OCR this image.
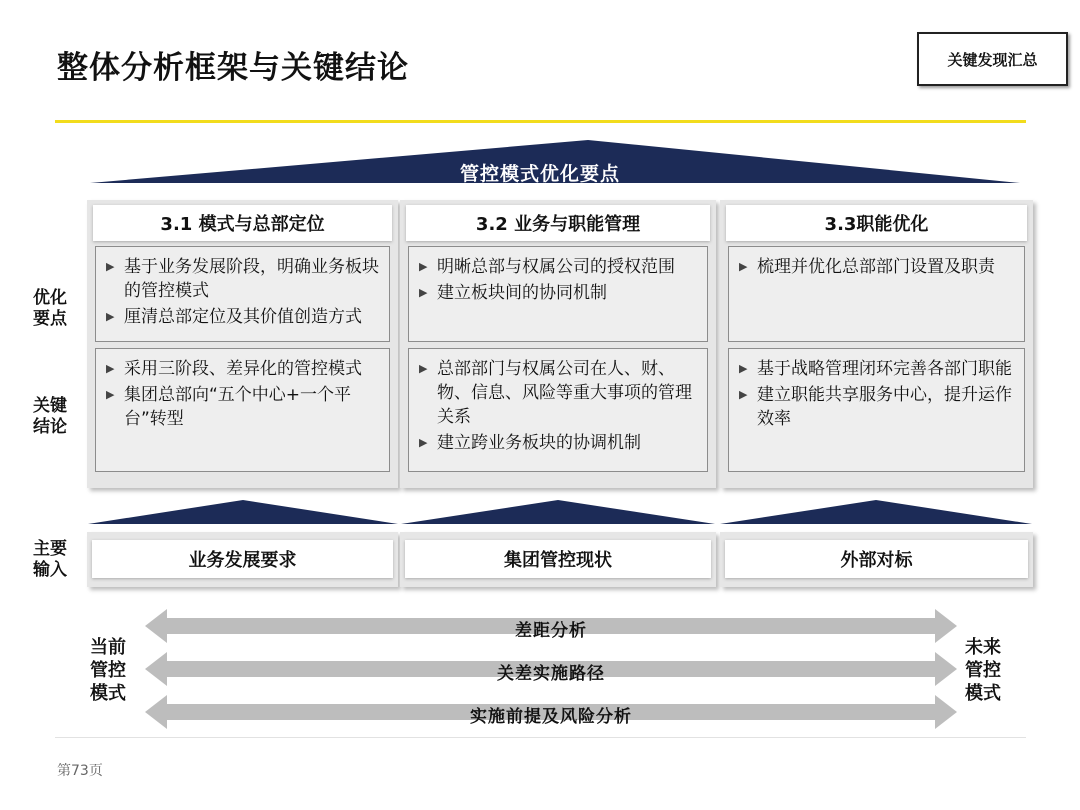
整体分析框架与关键结论	关键发现汇总
管控模式优化要点
优化
要点
关键
结论
主要
输入
3.1 模式与总部定位
▶ 基于业务发展阶段，明确业务板块的管控模式
▶ 厘清总部定位及其价值创造方式
▶ 采用三阶段、差异化的管控模式
▶ 集团总部向“五个中心+一个平台”转型
3.2 业务与职能管理
▶ 明晰总部与权属公司的授权范围
▶ 建立板块间的协同机制
▶ 总部部门与权属公司在人、财、物、信息、风险等重大事项的管理关系
▶ 建立跨业务板块的协调机制
3.3职能优化
▶ 梳理并优化总部部门设置及职责
▶ 基于战略管理闭环完善各部门职能
▶ 建立职能共享服务中心，提升运作效率
业务发展要求	集团管控现状	外部对标
差距分析
关差实施路径
实施前提及风险分析
当前
管控
模式
未来
管控
模式
第73页
